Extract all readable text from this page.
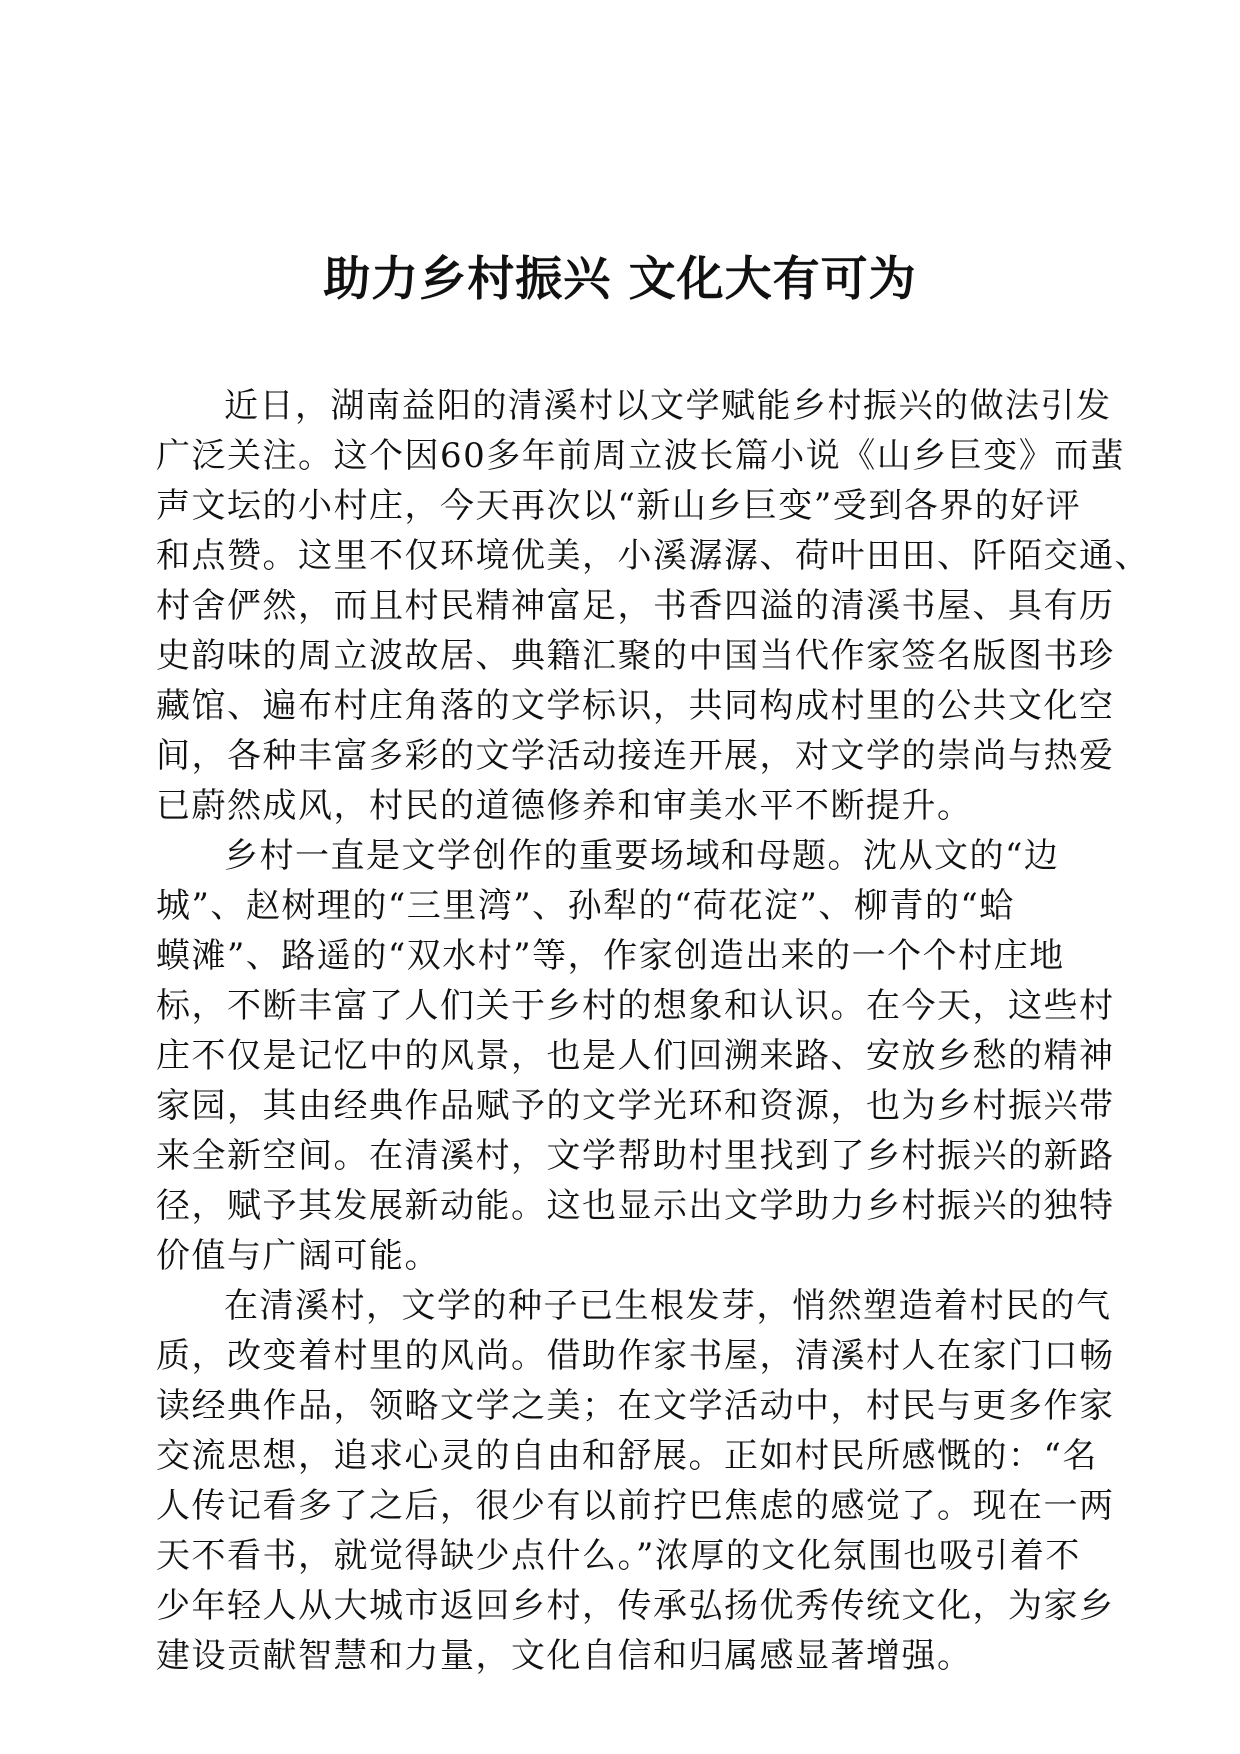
助力乡村振兴 文化大有可为
近日，湖南益阳的清溪村以文学赋能乡村振兴的做法引发
广泛关注。这个因60多年前周立波长篇小说《山乡巨变》而蜚
声文坛的小村庄，今天再次以“新山乡巨变”受到各界的好评
和点赞。这里不仅环境优美，小溪潺潺、荷叶田田、阡陌交通、
村舍俨然，而且村民精神富足，书香四溢的清溪书屋、具有历
史韵味的周立波故居、典籍汇聚的中国当代作家签名版图书珍
藏馆、遍布村庄角落的文学标识，共同构成村里的公共文化空
间，各种丰富多彩的文学活动接连开展，对文学的崇尚与热爱
已蔚然成风，村民的道德修养和审美水平不断提升。
乡村一直是文学创作的重要场域和母题。沈从文的“边
城”、赵树理的“三里湾”、孙犁的“荷花淀”、柳青的“蛤
蟆滩”、路遥的“双水村”等，作家创造出来的一个个村庄地
标，不断丰富了人们关于乡村的想象和认识。在今天，这些村
庄不仅是记忆中的风景，也是人们回溯来路、安放乡愁的精神
家园，其由经典作品赋予的文学光环和资源，也为乡村振兴带
来全新空间。在清溪村，文学帮助村里找到了乡村振兴的新路
径，赋予其发展新动能。这也显示出文学助力乡村振兴的独特
价值与广阔可能。
在清溪村，文学的种子已生根发芽，悄然塑造着村民的气
质，改变着村里的风尚。借助作家书屋，清溪村人在家门口畅
读经典作品，领略文学之美；在文学活动中，村民与更多作家
交流思想，追求心灵的自由和舒展。正如村民所感慨的：“名
人传记看多了之后，很少有以前拧巴焦虑的感觉了。现在一两
天不看书，就觉得缺少点什么。”浓厚的文化氛围也吸引着不
少年轻人从大城市返回乡村，传承弘扬优秀传统文化，为家乡
建设贡献智慧和力量，文化自信和归属感显著增强。
